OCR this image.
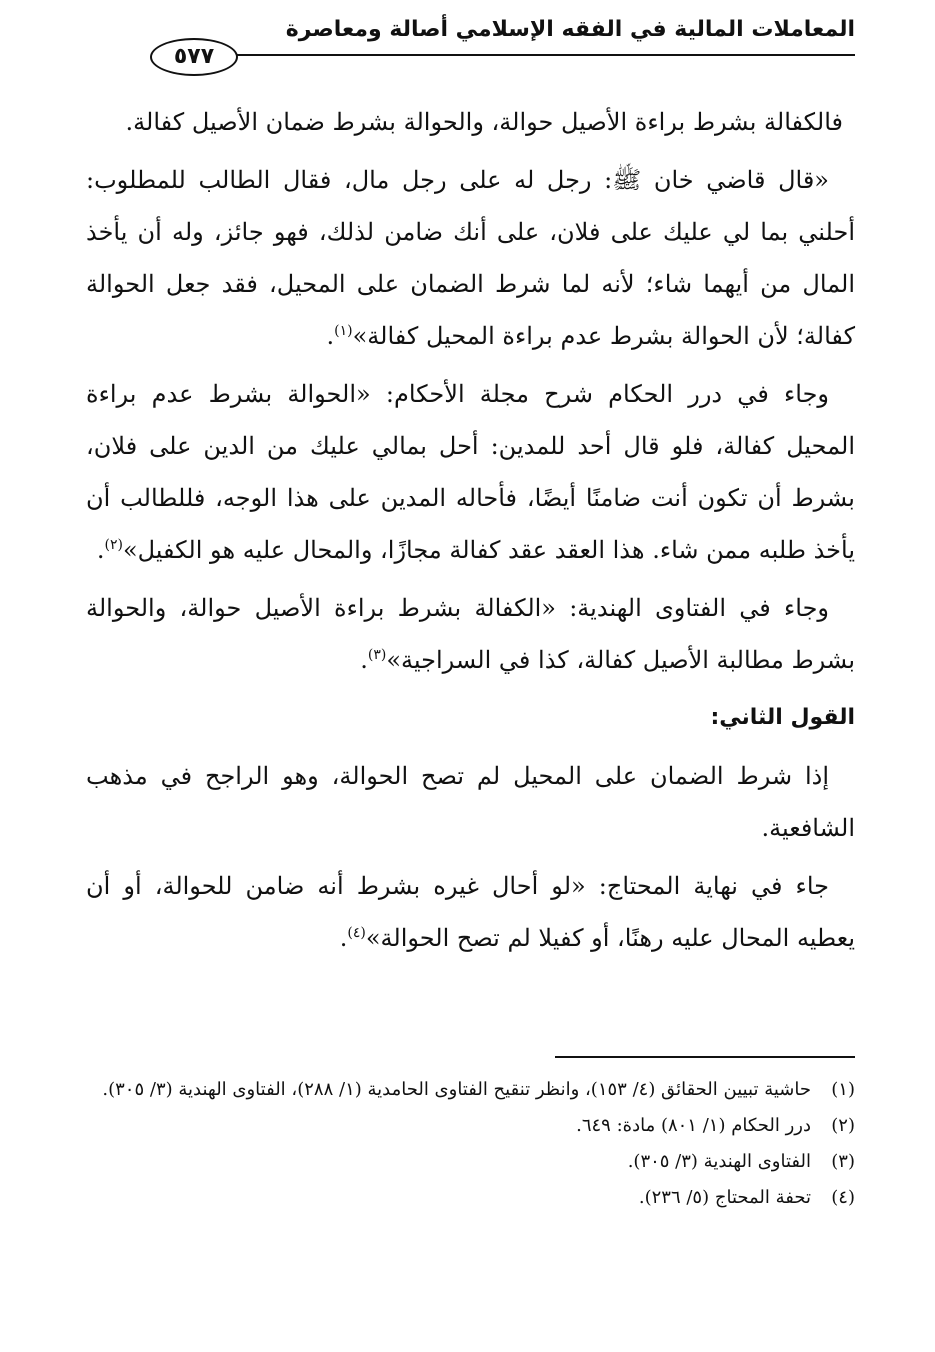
المعاملات المالية في الفقه الإسلامي أصالة ومعاصرة
٥٧٧

فالكفالة بشرط براءة الأصيل حوالة، والحوالة بشرط ضمان الأصيل كفالة.

«قال قاضي خان ﷺ: رجل له على رجل مال، فقال الطالب للمطلوب: أحلني بما لي عليك على فلان، على أنك ضامن لذلك، فهو جائز، وله أن يأخذ المال من أيهما شاء؛ لأنه لما شرط الضمان على المحيل، فقد جعل الحوالة كفالة؛ لأن الحوالة بشرط عدم براءة المحيل كفالة»$^{(١)}$.

وجاء في درر الحكام شرح مجلة الأحكام: «الحوالة بشرط عدم براءة المحيل كفالة، فلو قال أحد للمدين: أحل بمالي عليك من الدين على فلان، بشرط أن تكون أنت ضامنًا أيضًا، فأحاله المدين على هذا الوجه، فللطالب أن يأخذ طلبه ممن شاء. هذا العقد عقد كفالة مجازًا، والمحال عليه هو الكفيل»$^{(٢)}$.

وجاء في الفتاوى الهندية: «الكفالة بشرط براءة الأصيل حوالة، والحوالة بشرط مطالبة الأصيل كفالة، كذا في السراجية»$^{(٣)}$.

القول الثاني:

إذا شرط الضمان على المحيل لم تصح الحوالة، وهو الراجح في مذهب الشافعية.

جاء في نهاية المحتاج: «لو أحال غيره بشرط أنه ضامن للحوالة، أو أن يعطيه المحال عليه رهنًا، أو كفيلا لم تصح الحوالة»$^{(٤)}$.

(١)حاشية تبيين الحقائق (٤/ ١٥٣)، وانظر تنقيح الفتاوى الحامدية (١/ ٢٨٨)، الفتاوى الهندية (٣/ ٣٠٥).

(٢)درر الحكام (١/ ٨٠١) مادة: ٦٤٩.

(٣)الفتاوى الهندية (٣/ ٣٠٥).

(٤)تحفة المحتاج (٥/ ٢٣٦).
